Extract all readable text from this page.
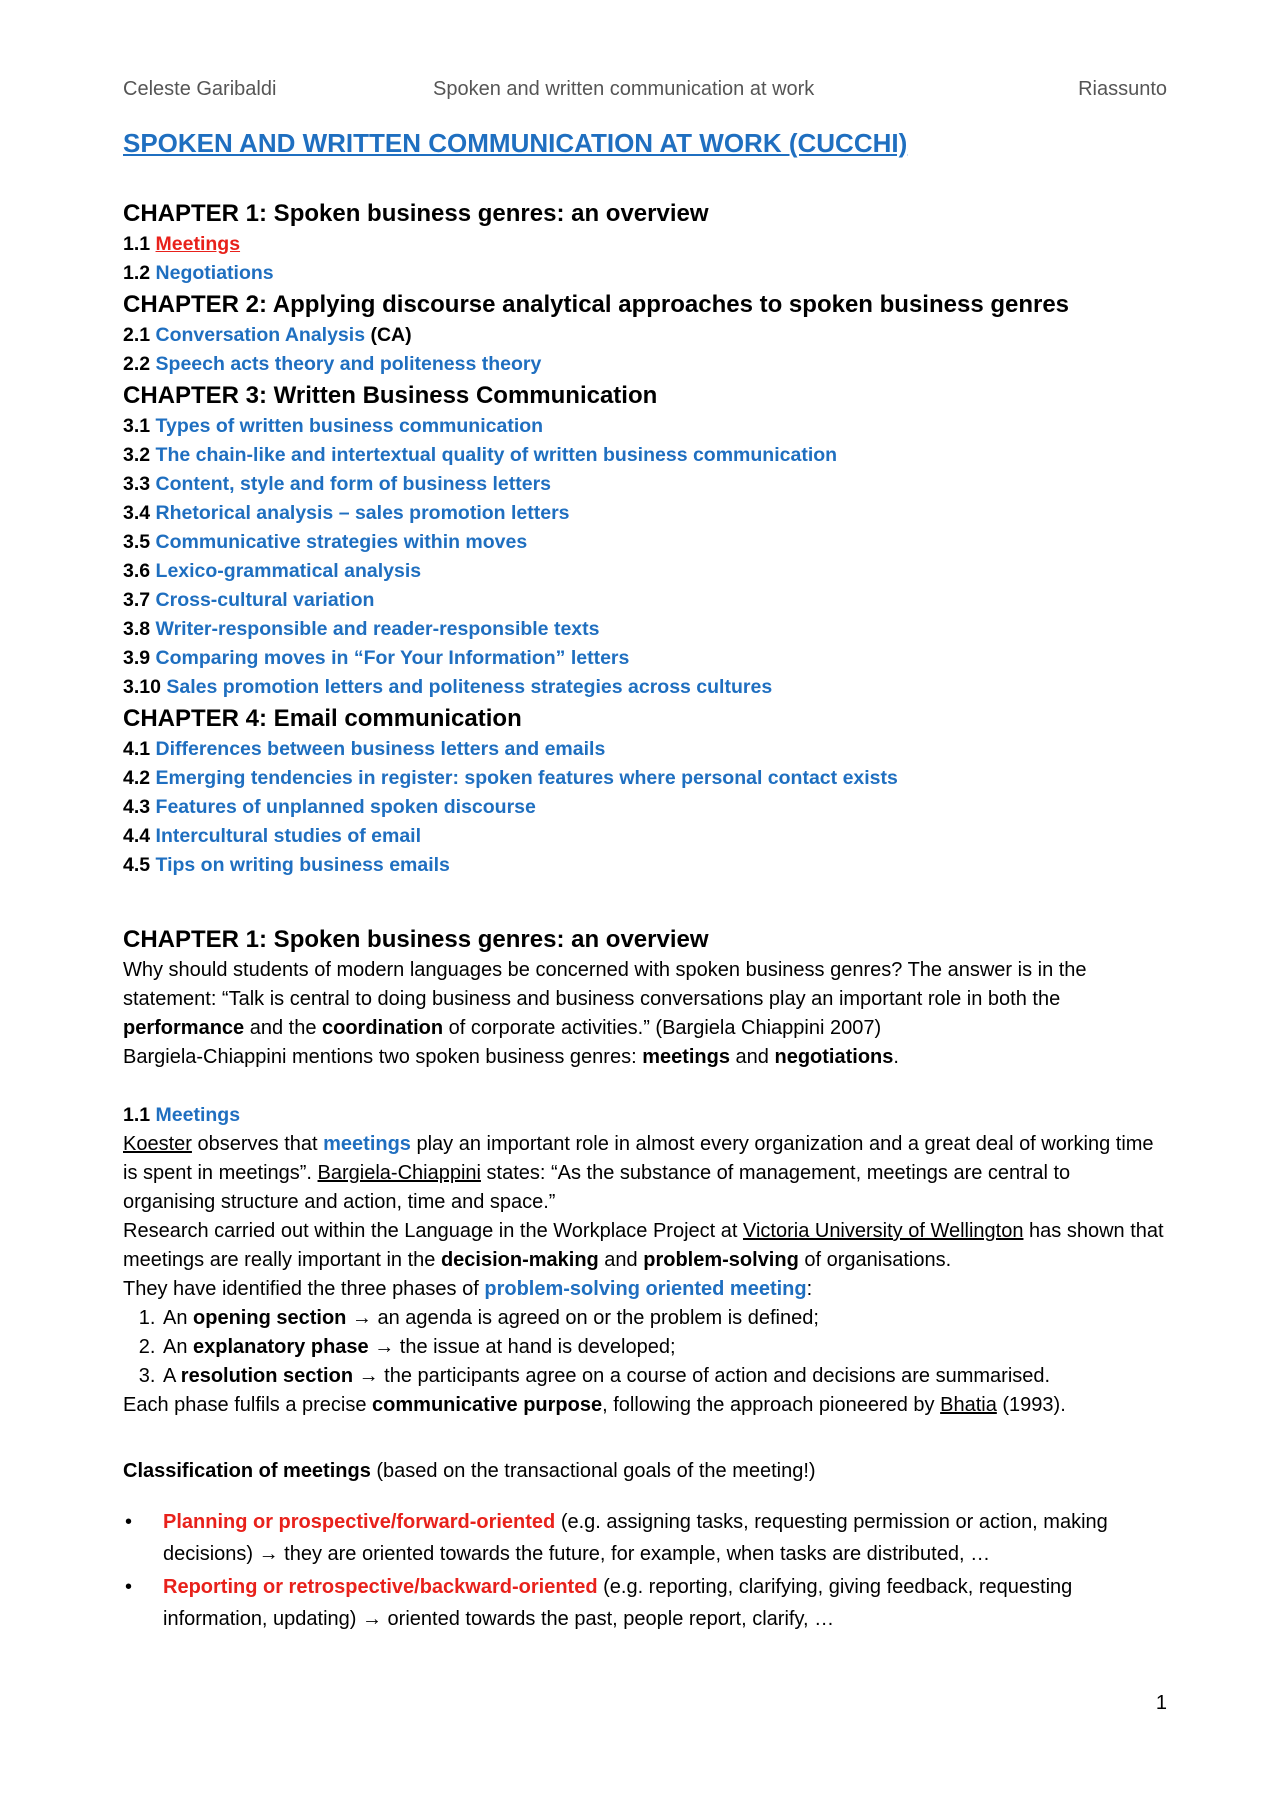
Celeste Garibaldi	Spoken and written communication at work	Riassunto
SPOKEN AND WRITTEN COMMUNICATION AT WORK (CUCCHI)
CHAPTER 1: Spoken business genres: an overview
1.1 Meetings
1.2 Negotiations
CHAPTER 2: Applying discourse analytical approaches to spoken business genres
2.1 Conversation Analysis (CA)
2.2 Speech acts theory and politeness theory
CHAPTER 3: Written Business Communication
3.1 Types of written business communication
3.2 The chain-like and intertextual quality of written business communication
3.3 Content, style and form of business letters
3.4 Rhetorical analysis – sales promotion letters
3.5 Communicative strategies within moves
3.6 Lexico-grammatical analysis
3.7 Cross-cultural variation
3.8 Writer-responsible and reader-responsible texts
3.9 Comparing moves in “For Your Information” letters
3.10 Sales promotion letters and politeness strategies across cultures
CHAPTER 4: Email communication
4.1 Differences between business letters and emails
4.2 Emerging tendencies in register: spoken features where personal contact exists
4.3 Features of unplanned spoken discourse
4.4 Intercultural studies of email
4.5 Tips on writing business emails
CHAPTER 1: Spoken business genres: an overview

Why should students of modern languages be concerned with spoken business genres? The answer is in the statement: “Talk is central to doing business and business conversations play an important role in both the performance and the coordination of corporate activities.” (Bargiela Chiappini 2007)

Bargiela-Chiappini mentions two spoken business genres: meetings and negotiations.

1.1 Meetings

Koester observes that meetings play an important role in almost every organization and a great deal of working time is spent in meetings”. Bargiela-Chiappini states: “As the substance of management, meetings are central to organising structure and action, time and space.”

Research carried out within the Language in the Workplace Project at Victoria University of Wellington has shown that meetings are really important in the decision-making and problem-solving of organisations.

They have identified the three phases of problem-solving oriented meeting:

1. An opening section → an agenda is agreed on or the problem is defined;
2. An explanatory phase → the issue at hand is developed;
3. A resolution section → the participants agree on a course of action and decisions are summarised.

Each phase fulfils a precise communicative purpose, following the approach pioneered by Bhatia (1993).

Classification of meetings (based on the transactional goals of the meeting!)

• Planning or prospective/forward-oriented (e.g. assigning tasks, requesting permission or action, making decisions) → they are oriented towards the future, for example, when tasks are distributed, …
• Reporting or retrospective/backward-oriented (e.g. reporting, clarifying, giving feedback, requesting information, updating) → oriented towards the past, people report, clarify, …
1
